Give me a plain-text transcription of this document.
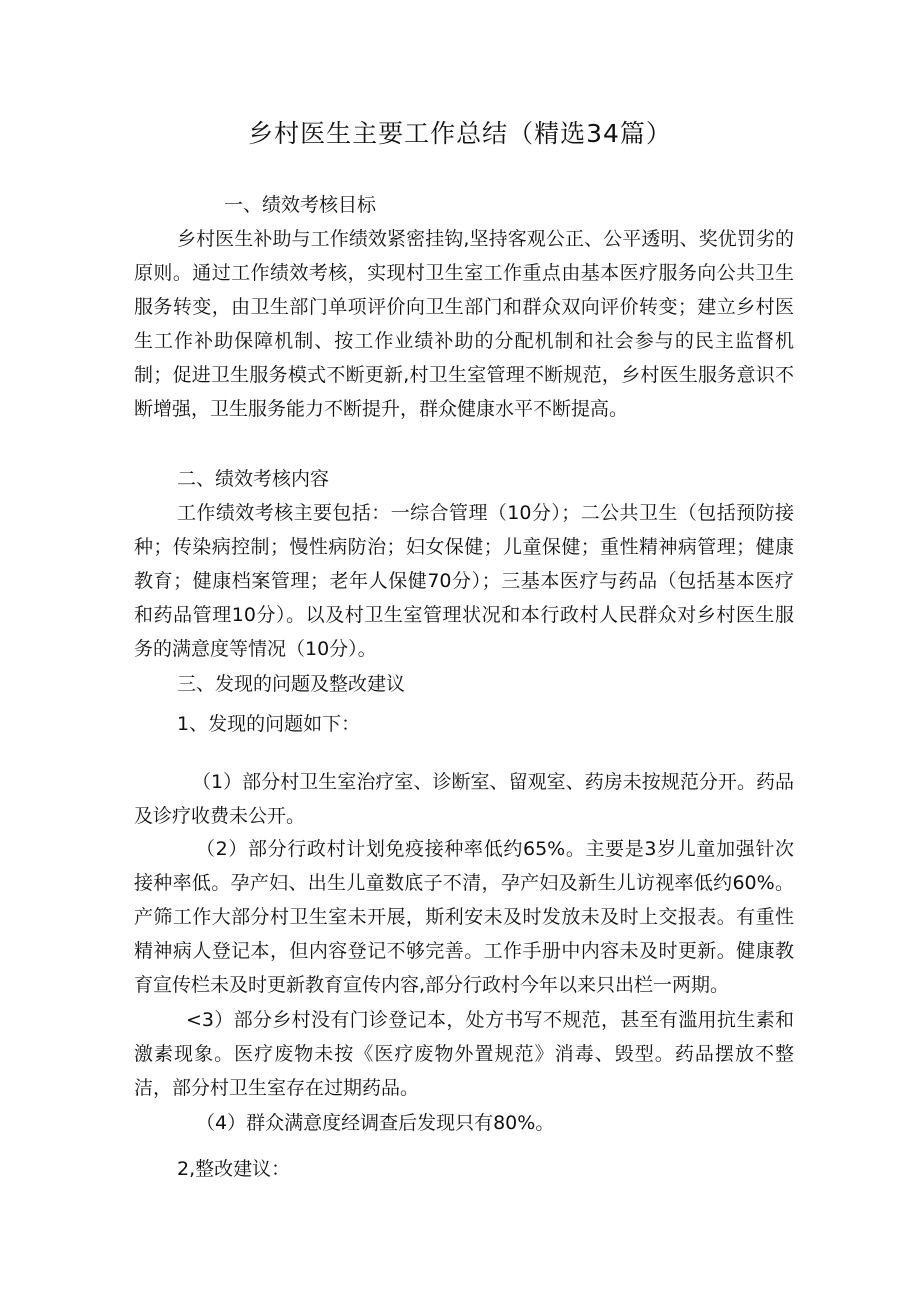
乡村医生主要工作总结（精选34篇）
一、绩效考核目标

乡村医生补助与工作绩效紧密挂钩,坚持客观公正、公平透明、奖优罚劣的原则。通过工作绩效考核，实现村卫生室工作重点由基本医疗服务向公共卫生服务转变，由卫生部门单项评价向卫生部门和群众双向评价转变；建立乡村医生工作补助保障机制、按工作业绩补助的分配机制和社会参与的民主监督机制；促进卫生服务模式不断更新,村卫生室管理不断规范，乡村医生服务意识不断增强，卫生服务能力不断提升，群众健康水平不断提高。

二、绩效考核内容

工作绩效考核主要包括：一综合管理（10分）；二公共卫生（包括预防接种；传染病控制；慢性病防治；妇女保健；儿童保健；重性精神病管理；健康教育；健康档案管理；老年人保健70分）；三基本医疗与药品（包括基本医疗和药品管理10分）。以及村卫生室管理状况和本行政村人民群众对乡村医生服务的满意度等情况（10分）。

三、发现的问题及整改建议
1、发现的问题如下：

（1）部分村卫生室治疗室、诊断室、留观室、药房未按规范分开。药品及诊疗收费未公开。

（2）部分行政村计划免疫接种率低约65%。主要是3岁儿童加强针次接种率低。孕产妇、出生儿童数底子不清，孕产妇及新生儿访视率低约60%。产筛工作大部分村卫生室未开展，斯利安未及时发放未及时上交报表。有重性精神病人登记本，但内容登记不够完善。工作手册中内容未及时更新。健康教育宣传栏未及时更新教育宣传内容,部分行政村今年以来只出栏一两期。

<3）部分乡村没有门诊登记本，处方书写不规范，甚至有滥用抗生素和激素现象。医疗废物未按《医疗废物外置规范》消毒、毁型。药品摆放不整洁，部分村卫生室存在过期药品。

（4）群众满意度经调查后发现只有80%。
2,整改建议：
